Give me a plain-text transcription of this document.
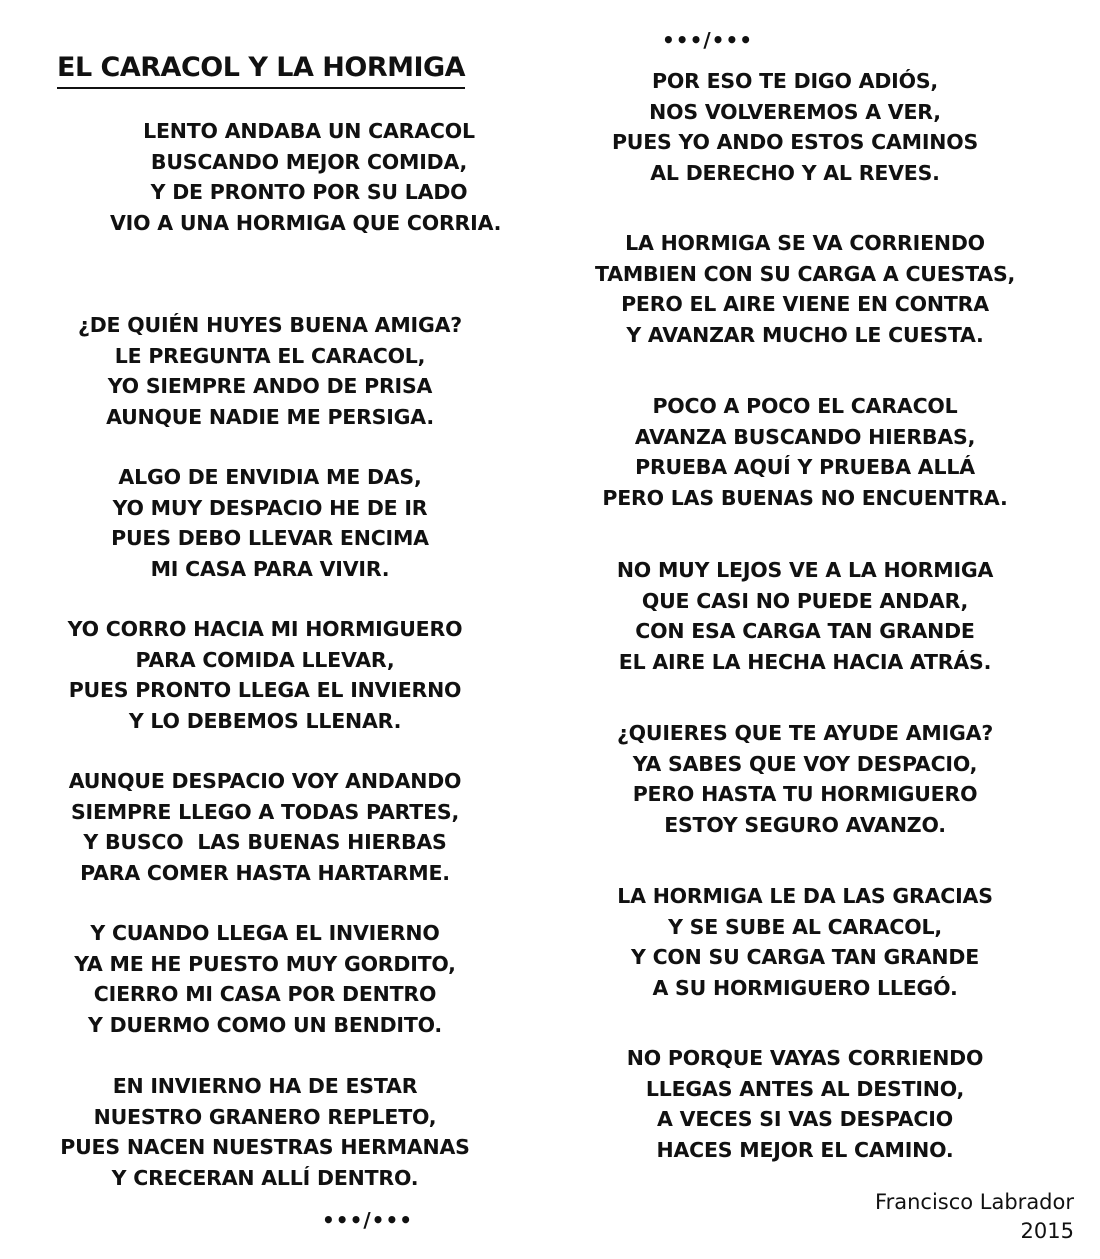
EL CARACOL Y LA HORMIGA
LENTO ANDABA UN CARACOL
BUSCANDO MEJOR COMIDA,
Y DE PRONTO POR SU LADO
VIO A UNA HORMIGA QUE CORRIA.
¿DE QUIÉN HUYES BUENA AMIGA?
LE PREGUNTA EL CARACOL,
YO SIEMPRE ANDO DE PRISA
AUNQUE NADIE ME PERSIGA.
ALGO DE ENVIDIA ME DAS,
YO MUY DESPACIO HE DE IR
PUES DEBO LLEVAR ENCIMA
MI CASA PARA VIVIR.
YO CORRO HACIA MI HORMIGUERO
PARA COMIDA LLEVAR,
PUES PRONTO LLEGA EL INVIERNO
Y LO DEBEMOS LLENAR.
AUNQUE DESPACIO VOY ANDANDO
SIEMPRE LLEGO A TODAS PARTES,
Y BUSCO  LAS BUENAS HIERBAS
PARA COMER HASTA HARTARME.
Y CUANDO LLEGA EL INVIERNO
YA ME HE PUESTO MUY GORDITO,
CIERRO MI CASA POR DENTRO
Y DUERMO COMO UN BENDITO.
EN INVIERNO HA DE ESTAR
NUESTRO GRANERO REPLETO,
PUES NACEN NUESTRAS HERMANAS
Y CRECERAN ALLÍ DENTRO.
•••/•••
•••/•••
POR ESO TE DIGO ADIÓS,
NOS VOLVEREMOS A VER,
PUES YO ANDO ESTOS CAMINOS
AL DERECHO Y AL REVES.
LA HORMIGA SE VA CORRIENDO
TAMBIEN CON SU CARGA A CUESTAS,
PERO EL AIRE VIENE EN CONTRA
Y AVANZAR MUCHO LE CUESTA.
POCO A POCO EL CARACOL
AVANZA BUSCANDO HIERBAS,
PRUEBA AQUÍ Y PRUEBA ALLÁ
PERO LAS BUENAS NO ENCUENTRA.
NO MUY LEJOS VE A LA HORMIGA
QUE CASI NO PUEDE ANDAR,
CON ESA CARGA TAN GRANDE
EL AIRE LA HECHA HACIA ATRÁS.
¿QUIERES QUE TE AYUDE AMIGA?
YA SABES QUE VOY DESPACIO,
PERO HASTA TU HORMIGUERO
ESTOY SEGURO AVANZO.
LA HORMIGA LE DA LAS GRACIAS
Y SE SUBE AL CARACOL,
Y CON SU CARGA TAN GRANDE
A SU HORMIGUERO LLEGÓ.
NO PORQUE VAYAS CORRIENDO
LLEGAS ANTES AL DESTINO,
A VECES SI VAS DESPACIO
HACES MEJOR EL CAMINO.
Francisco Labrador
2015
